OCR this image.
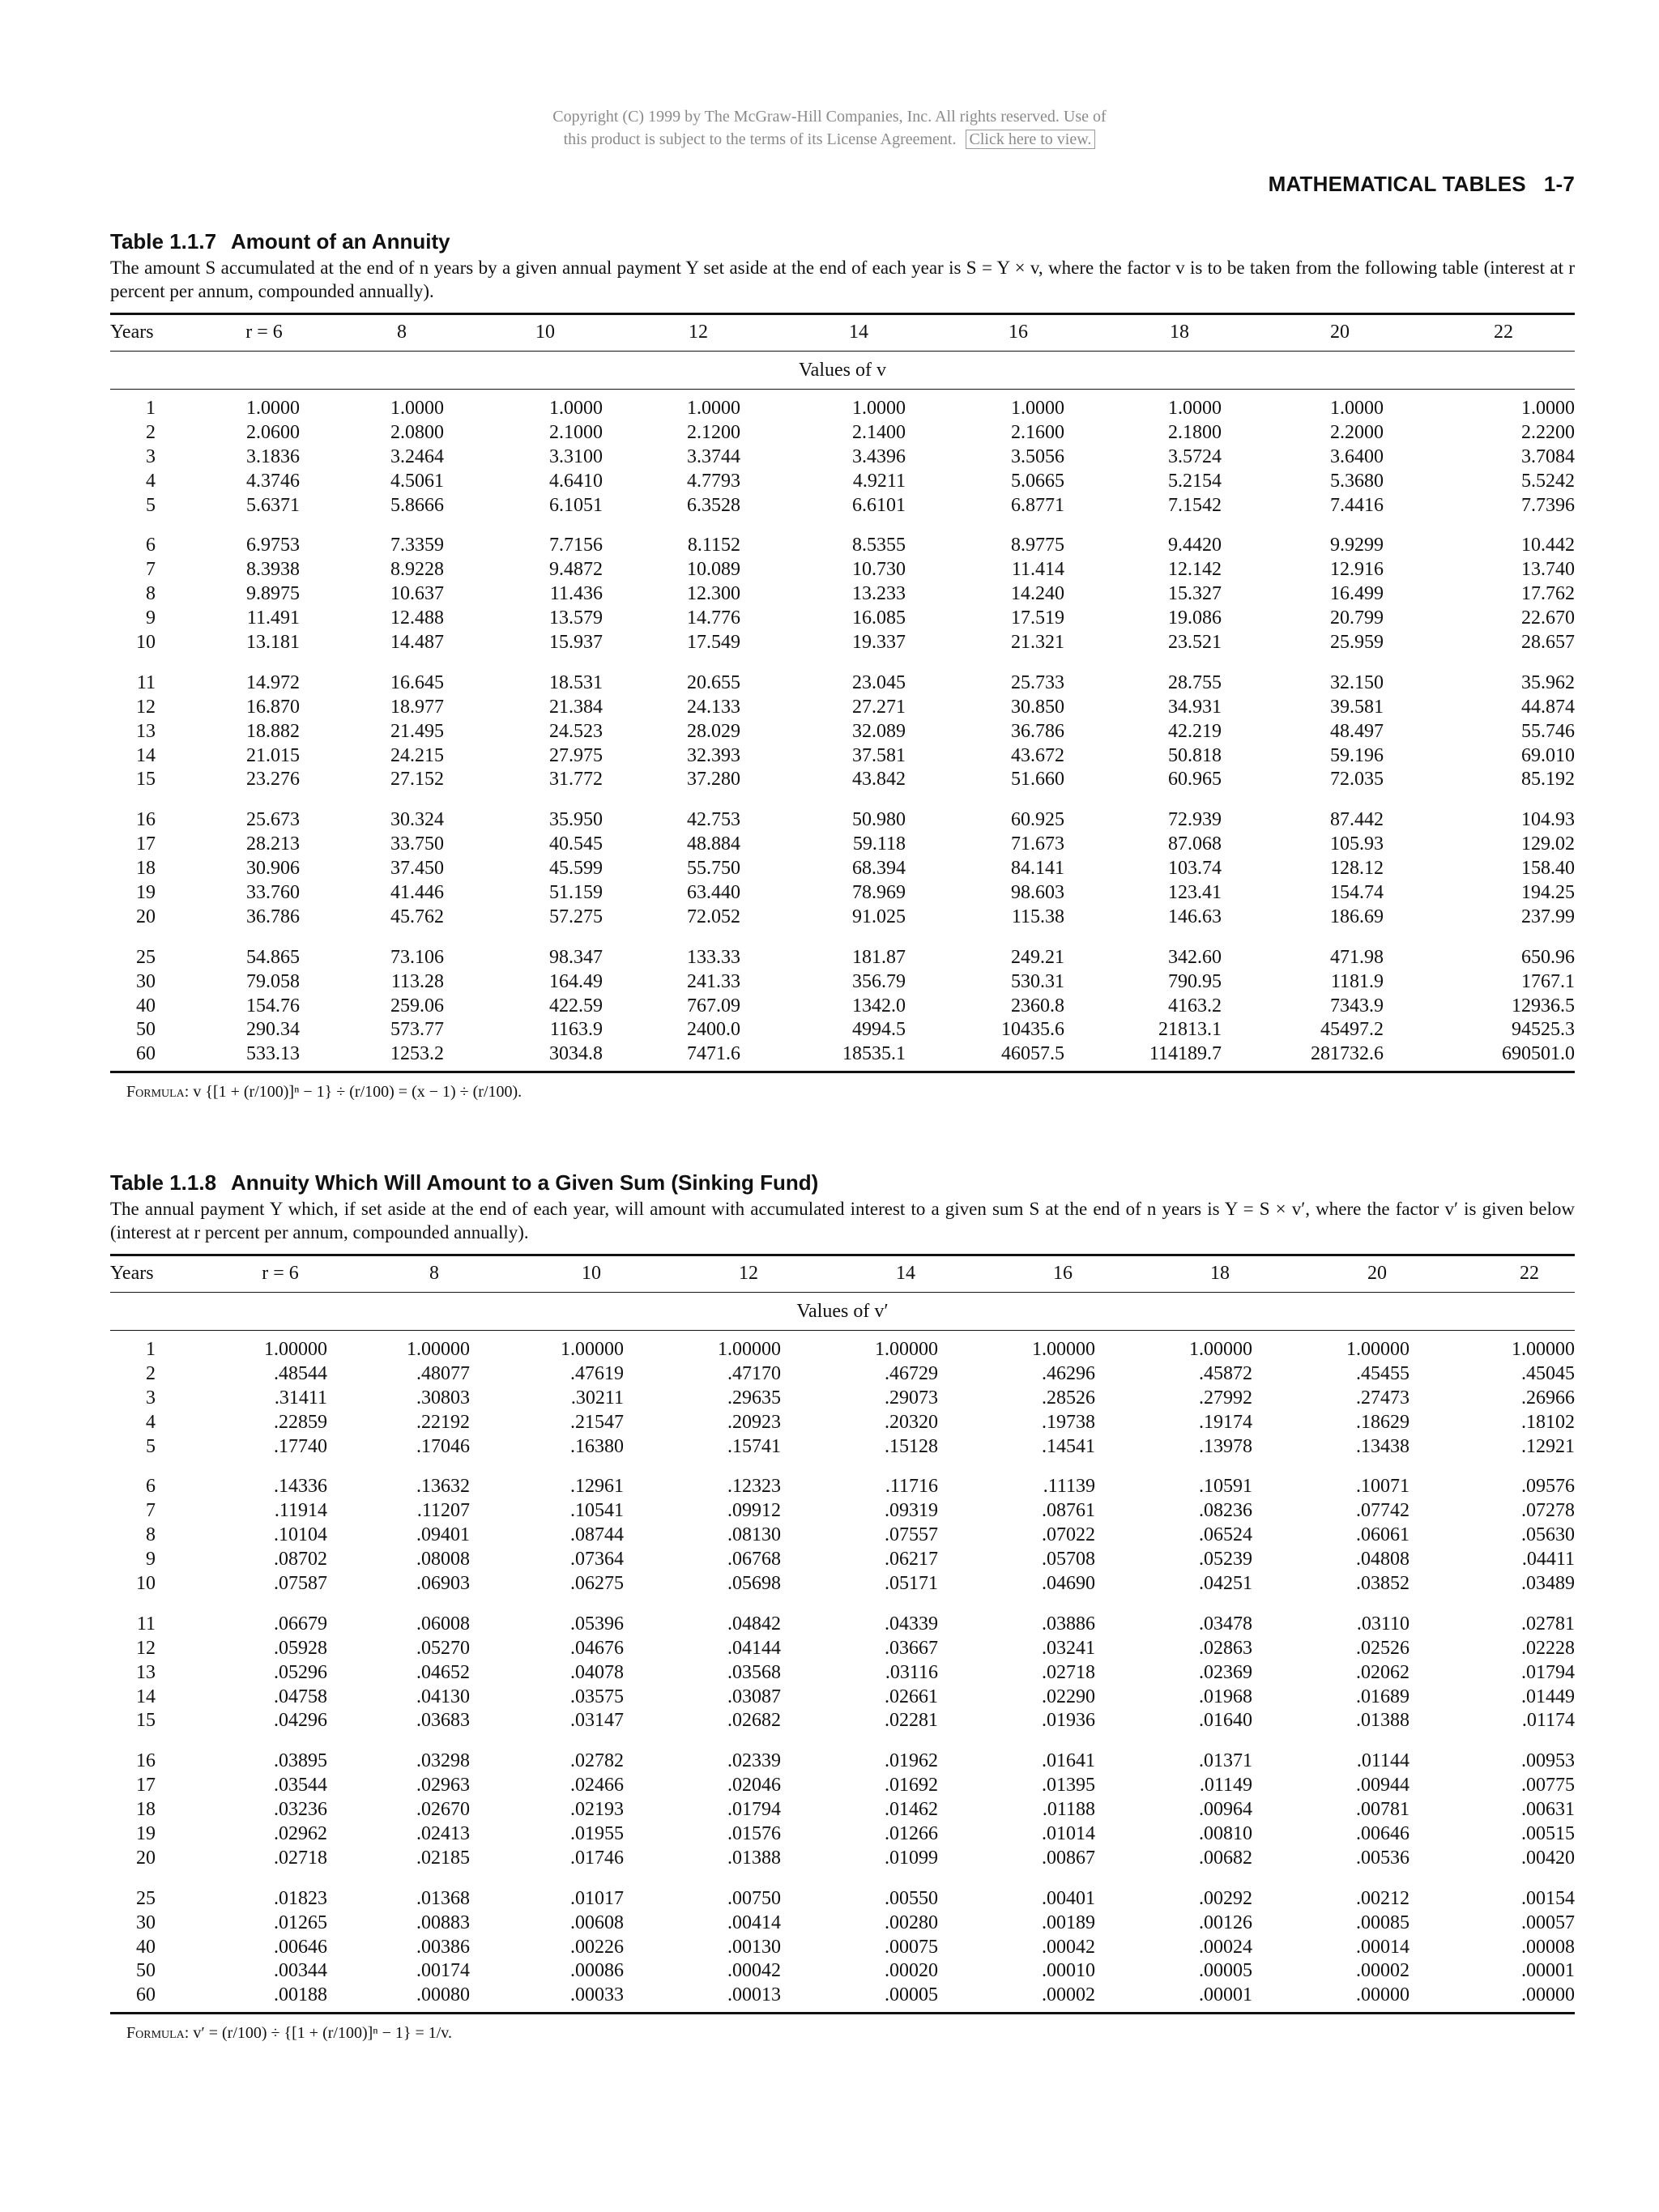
Copyright (C) 1999 by The McGraw-Hill Companies, Inc. All rights reserved. Use of
this product is subject to the terms of its License Agreement. Click here to view.
MATHEMATICAL TABLES 1-7
Table 1.1.7 Amount of an Annuity
The amount S accumulated at the end of n years by a given annual payment Y set aside at the end of each year is S = Y × v, where the factor v is to be taken from the following table (interest at r percent per annum, compounded annually).
Years	r = 6	8	10	12	14	16	18	20	22
Values of v
1	1.0000	1.0000	1.0000	1.0000	1.0000	1.0000	1.0000	1.0000	1.0000
2	2.0600	2.0800	2.1000	2.1200	2.1400	2.1600	2.1800	2.2000	2.2200
3	3.1836	3.2464	3.3100	3.3744	3.4396	3.5056	3.5724	3.6400	3.7084
4	4.3746	4.5061	4.6410	4.7793	4.9211	5.0665	5.2154	5.3680	5.5242
5	5.6371	5.8666	6.1051	6.3528	6.6101	6.8771	7.1542	7.4416	7.7396
6	6.9753	7.3359	7.7156	8.1152	8.5355	8.9775	9.4420	9.9299	10.442
7	8.3938	8.9228	9.4872	10.089	10.730	11.414	12.142	12.916	13.740
8	9.8975	10.637	11.436	12.300	13.233	14.240	15.327	16.499	17.762
9	11.491	12.488	13.579	14.776	16.085	17.519	19.086	20.799	22.670
10	13.181	14.487	15.937	17.549	19.337	21.321	23.521	25.959	28.657
11	14.972	16.645	18.531	20.655	23.045	25.733	28.755	32.150	35.962
12	16.870	18.977	21.384	24.133	27.271	30.850	34.931	39.581	44.874
13	18.882	21.495	24.523	28.029	32.089	36.786	42.219	48.497	55.746
14	21.015	24.215	27.975	32.393	37.581	43.672	50.818	59.196	69.010
15	23.276	27.152	31.772	37.280	43.842	51.660	60.965	72.035	85.192
16	25.673	30.324	35.950	42.753	50.980	60.925	72.939	87.442	104.93
17	28.213	33.750	40.545	48.884	59.118	71.673	87.068	105.93	129.02
18	30.906	37.450	45.599	55.750	68.394	84.141	103.74	128.12	158.40
19	33.760	41.446	51.159	63.440	78.969	98.603	123.41	154.74	194.25
20	36.786	45.762	57.275	72.052	91.025	115.38	146.63	186.69	237.99
25	54.865	73.106	98.347	133.33	181.87	249.21	342.60	471.98	650.96
30	79.058	113.28	164.49	241.33	356.79	530.31	790.95	1181.9	1767.1
40	154.76	259.06	422.59	767.09	1342.0	2360.8	4163.2	7343.9	12936.5
50	290.34	573.77	1163.9	2400.0	4994.5	10435.6	21813.1	45497.2	94525.3
60	533.13	1253.2	3034.8	7471.6	18535.1	46057.5	114189.7	281732.6	690501.0
Formula: v {[1 + (r/100)]ⁿ − 1} ÷ (r/100) = (x − 1) ÷ (r/100).
Table 1.1.8 Annuity Which Will Amount to a Given Sum (Sinking Fund)
The annual payment Y which, if set aside at the end of each year, will amount with accumulated interest to a given sum S at the end of n years is Y = S × v′, where the factor v′ is given below (interest at r percent per annum, compounded annually).
Years	r = 6	8	10	12	14	16	18	20	22
Values of v′
1	1.00000	1.00000	1.00000	1.00000	1.00000	1.00000	1.00000	1.00000	1.00000
2	.48544	.48077	.47619	.47170	.46729	.46296	.45872	.45455	.45045
3	.31411	.30803	.30211	.29635	.29073	.28526	.27992	.27473	.26966
4	.22859	.22192	.21547	.20923	.20320	.19738	.19174	.18629	.18102
5	.17740	.17046	.16380	.15741	.15128	.14541	.13978	.13438	.12921
6	.14336	.13632	.12961	.12323	.11716	.11139	.10591	.10071	.09576
7	.11914	.11207	.10541	.09912	.09319	.08761	.08236	.07742	.07278
8	.10104	.09401	.08744	.08130	.07557	.07022	.06524	.06061	.05630
9	.08702	.08008	.07364	.06768	.06217	.05708	.05239	.04808	.04411
10	.07587	.06903	.06275	.05698	.05171	.04690	.04251	.03852	.03489
11	.06679	.06008	.05396	.04842	.04339	.03886	.03478	.03110	.02781
12	.05928	.05270	.04676	.04144	.03667	.03241	.02863	.02526	.02228
13	.05296	.04652	.04078	.03568	.03116	.02718	.02369	.02062	.01794
14	.04758	.04130	.03575	.03087	.02661	.02290	.01968	.01689	.01449
15	.04296	.03683	.03147	.02682	.02281	.01936	.01640	.01388	.01174
16	.03895	.03298	.02782	.02339	.01962	.01641	.01371	.01144	.00953
17	.03544	.02963	.02466	.02046	.01692	.01395	.01149	.00944	.00775
18	.03236	.02670	.02193	.01794	.01462	.01188	.00964	.00781	.00631
19	.02962	.02413	.01955	.01576	.01266	.01014	.00810	.00646	.00515
20	.02718	.02185	.01746	.01388	.01099	.00867	.00682	.00536	.00420
25	.01823	.01368	.01017	.00750	.00550	.00401	.00292	.00212	.00154
30	.01265	.00883	.00608	.00414	.00280	.00189	.00126	.00085	.00057
40	.00646	.00386	.00226	.00130	.00075	.00042	.00024	.00014	.00008
50	.00344	.00174	.00086	.00042	.00020	.00010	.00005	.00002	.00001
60	.00188	.00080	.00033	.00013	.00005	.00002	.00001	.00000	.00000
Formula: v′ = (r/100) ÷ {[1 + (r/100)]ⁿ − 1} = 1/v.
